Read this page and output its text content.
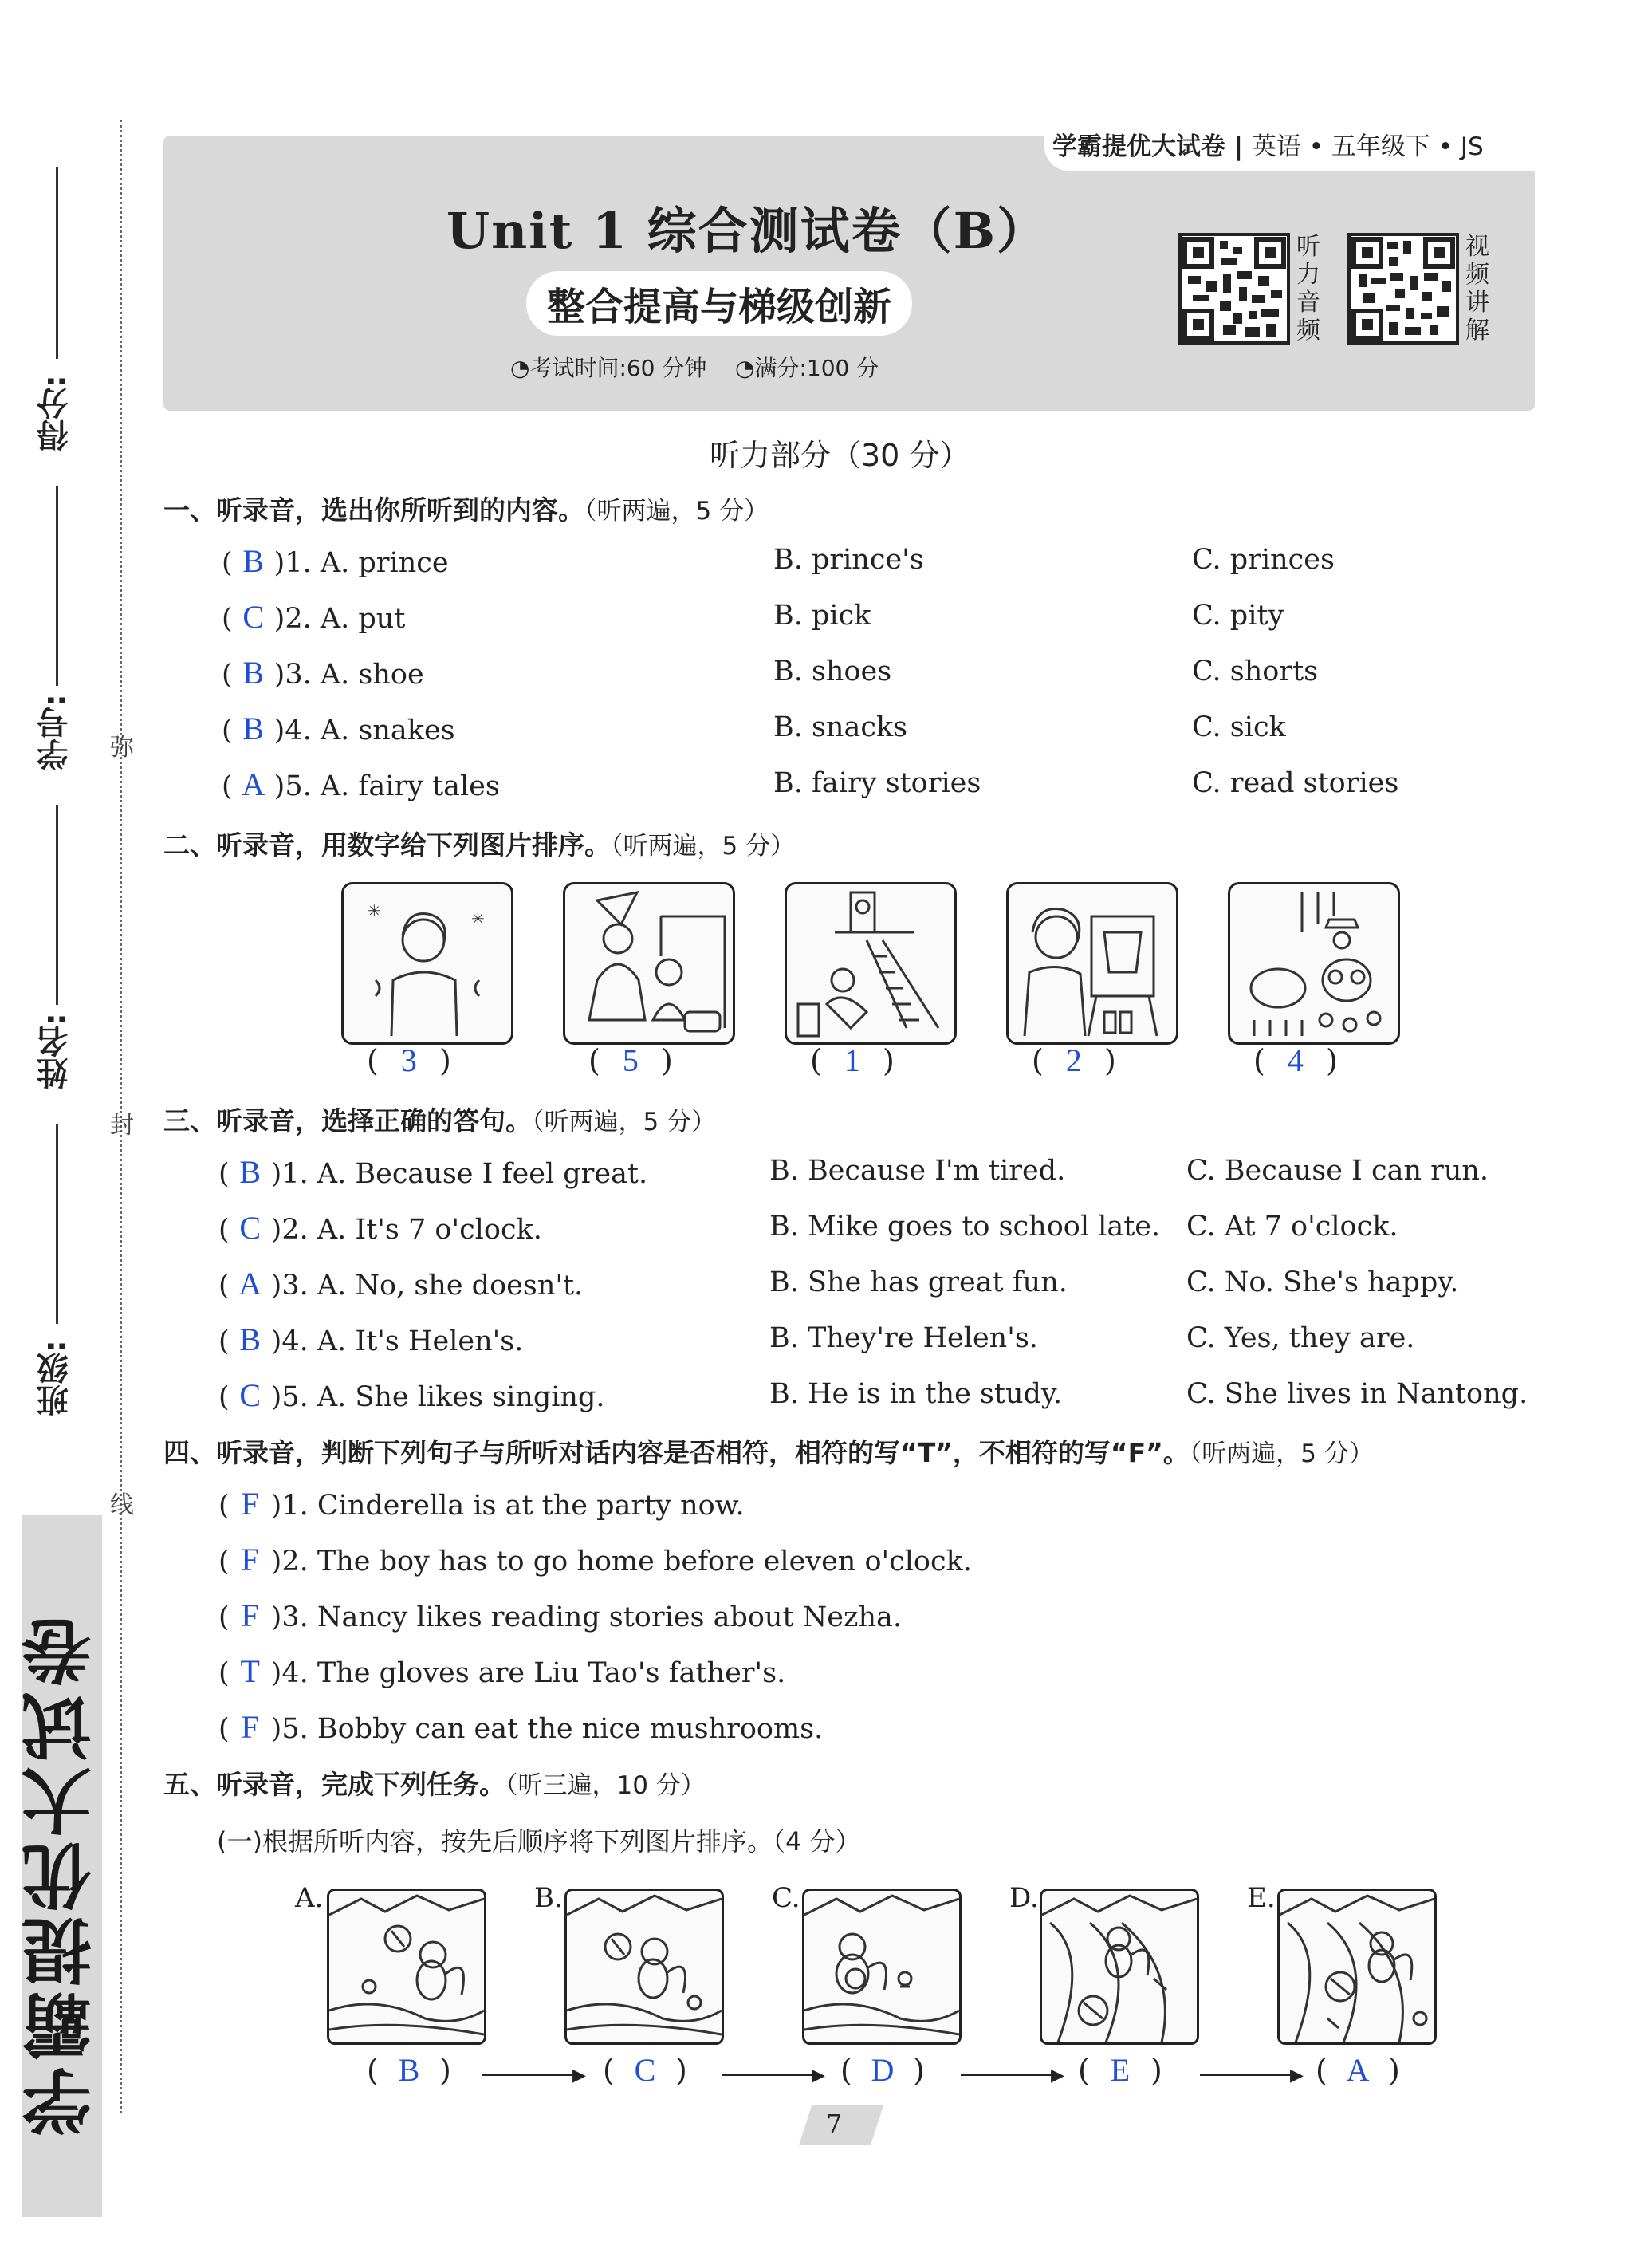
学霸提优大试卷
得分:
学号:
姓名:
班级:
弥
封
线
学霸提优大试卷 | 英语 • 五年级下 • JS
Unit 1 综合测试卷（B）
整合提高与梯级创新
◔考试时间:60 分钟 ◔满分:100 分
听力音频
视频讲解
听力部分（30 分）
一、听录音，选出你所听到的内容。（听两遍，5 分）
( B )1. A. prince	B. prince's	C. princes
( C )2. A. put	B. pick	C. pity
( B )3. A. shoe	B. shoes	C. shorts
( B )4. A. snakes	B. snacks	C. sick
( A )5. A. fairy tales	B. fairy stories	C. read stories
二、听录音，用数字给下列图片排序。（听两遍，5 分）
✳	✳
( 3 )	( 5 )	( 1 )	( 2 )	( 4 )
三、听录音，选择正确的答句。（听两遍，5 分）
( B )1. A. Because I feel great.	B. Because I'm tired.	C. Because I can run.
( C )2. A. It's 7 o'clock.	B. Mike goes to school late. C. At 7 o'clock.
( A )3. A. No, she doesn't.	B. She has great fun.	C. No. She's happy.
( B )4. A. It's Helen's.	B. They're Helen's.	C. Yes, they are.
( C )5. A. She likes singing.	B. He is in the study.	C. She lives in Nantong.
四、听录音，判断下列句子与所听对话内容是否相符，相符的写“T”，不相符的写“F”。（听两遍，5 分）
( F )1. Cinderella is at the party now.
( F )2. The boy has to go home before eleven o'clock.
( F )3. Nancy likes reading stories about Nezha.
( T )4. The gloves are Liu Tao's father's.
( F )5. Bobby can eat the nice mushrooms.
五、听录音，完成下列任务。（听三遍，10 分）
(一)根据所听内容，按先后顺序将下列图片排序。（4 分）
A.	B.	C.	D.	E.
( B )	▶ ( C )	▶ ( D )	▶ ( E )	▶ ( A )
7
